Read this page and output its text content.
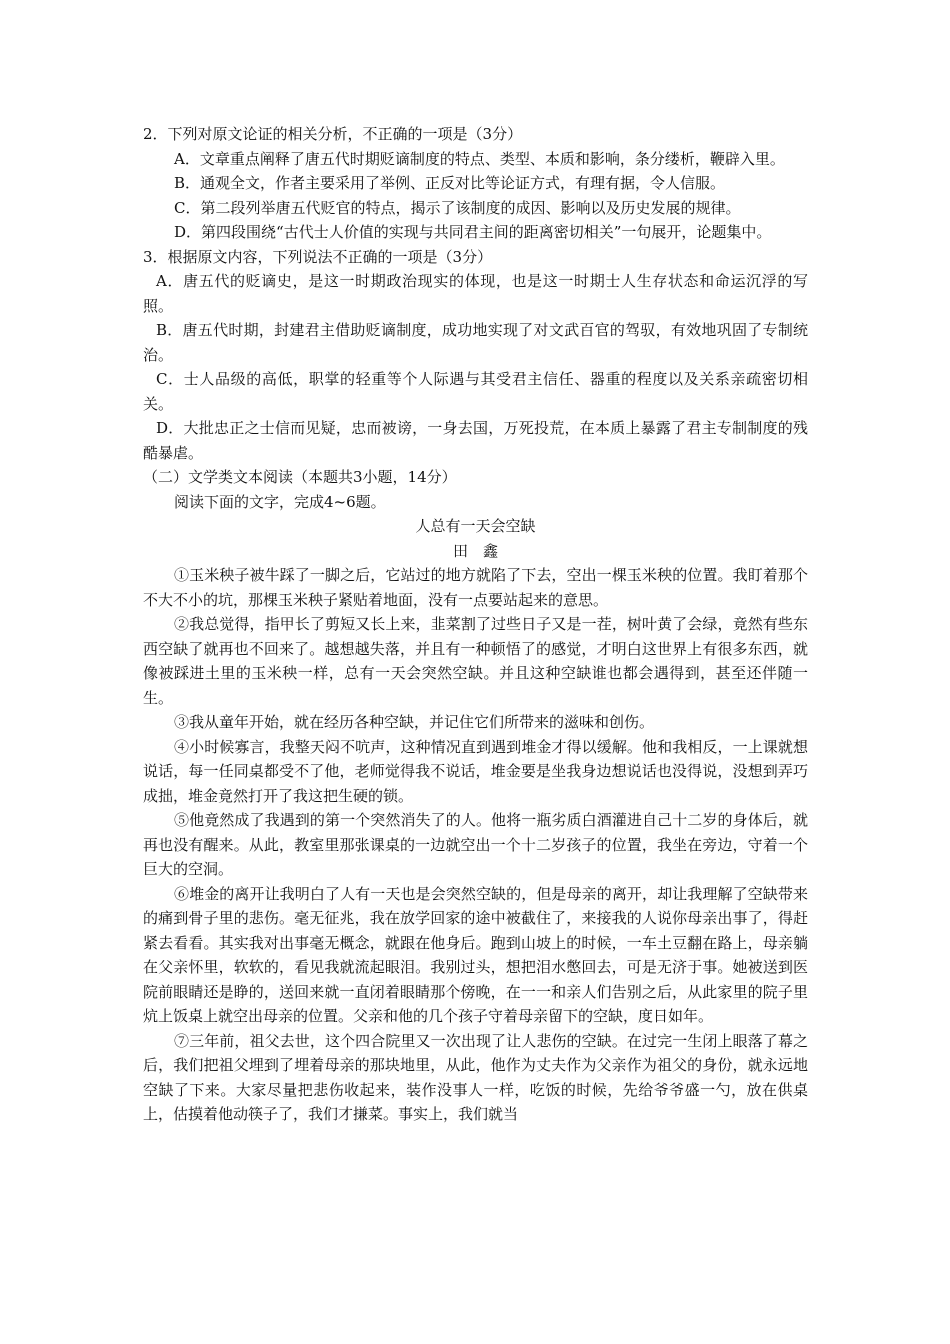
2．下列对原文论证的相关分析，不正确的一项是（3分）

A．文章重点阐释了唐五代时期贬谪制度的特点、类型、本质和影响，条分缕析，鞭辟入里。

B．通观全文，作者主要采用了举例、正反对比等论证方式，有理有据，令人信服。

C．第二段列举唐五代贬官的特点，揭示了该制度的成因、影响以及历史发展的规律。

D．第四段围绕“古代士人价值的实现与共同君主间的距离密切相关”一句展开，论题集中。

3．根据原文内容，下列说法不正确的一项是（3分）

A．唐五代的贬谪史，是这一时期政治现实的体现，也是这一时期士人生存状态和命运沉浮的写照。

B．唐五代时期，封建君主借助贬谪制度，成功地实现了对文武百官的驾驭，有效地巩固了专制统治。

C．士人品级的高低，职掌的轻重等个人际遇与其受君主信任、器重的程度以及关系亲疏密切相关。

D．大批忠正之士信而见疑，忠而被谤，一身去国，万死投荒，在本质上暴露了君主专制制度的残酷暴虐。

（二）文学类文本阅读（本题共3小题，14分）

阅读下面的文字，完成4~6题。

人总有一天会空缺

田　鑫

①玉米秧子被牛踩了一脚之后，它站过的地方就陷了下去，空出一棵玉米秧的位置。我盯着那个不大不小的坑，那棵玉米秧子紧贴着地面，没有一点要站起来的意思。

②我总觉得，指甲长了剪短又长上来，韭菜割了过些日子又是一茬，树叶黄了会绿，竟然有些东西空缺了就再也不回来了。越想越失落，并且有一种顿悟了的感觉，才明白这世界上有很多东西，就像被踩进土里的玉米秧一样，总有一天会突然空缺。并且这种空缺谁也都会遇得到，甚至还伴随一生。

③我从童年开始，就在经历各种空缺，并记住它们所带来的滋味和创伤。

④小时候寡言，我整天闷不吭声，这种情况直到遇到堆金才得以缓解。他和我相反，一上课就想说话，每一任同桌都受不了他，老师觉得我不说话，堆金要是坐我身边想说话也没得说，没想到弄巧成拙，堆金竟然打开了我这把生硬的锁。

⑤他竟然成了我遇到的第一个突然消失了的人。他将一瓶劣质白酒灌进自己十二岁的身体后，就再也没有醒来。从此，教室里那张课桌的一边就空出一个十二岁孩子的位置，我坐在旁边，守着一个巨大的空洞。

⑥堆金的离开让我明白了人有一天也是会突然空缺的，但是母亲的离开，却让我理解了空缺带来的痛到骨子里的悲伤。毫无征兆，我在放学回家的途中被截住了，来接我的人说你母亲出事了，得赶紧去看看。其实我对出事毫无概念，就跟在他身后。跑到山坡上的时候，一车土豆翻在路上，母亲躺在父亲怀里，软软的，看见我就流起眼泪。我别过头，想把泪水憋回去，可是无济于事。她被送到医院前眼睛还是睁的，送回来就一直闭着眼睛那个傍晚，在一一和亲人们告别之后，从此家里的院子里炕上饭桌上就空出母亲的位置。父亲和他的几个孩子守着母亲留下的空缺，度日如年。

⑦三年前，祖父去世，这个四合院里又一次出现了让人悲伤的空缺。在过完一生闭上眼落了幕之后，我们把祖父埋到了埋着母亲的那块地里，从此，他作为丈夫作为父亲作为祖父的身份，就永远地空缺了下来。大家尽量把悲伤收起来，装作没事人一样，吃饭的时候，先给爷爷盛一勺，放在供桌上，估摸着他动筷子了，我们才搛菜。事实上，我们就当
